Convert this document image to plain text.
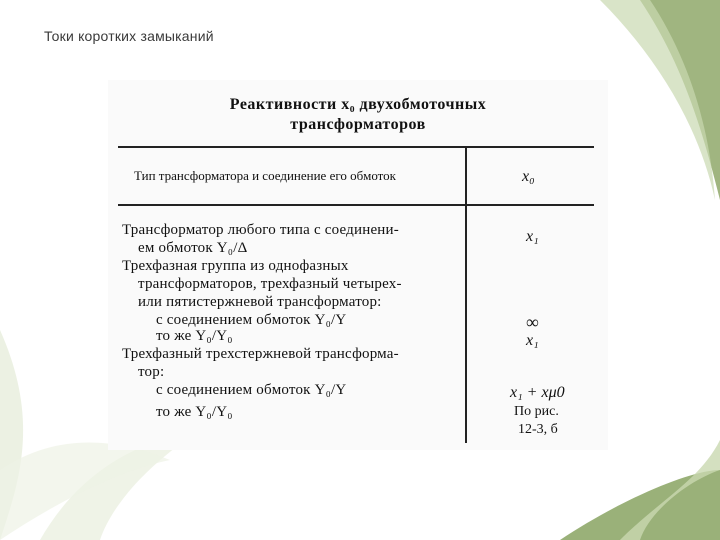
Токи коротких замыканий
Реактивности x₀ двухобмоточных
трансформаторов
Тип трансформатора и соединение его обмоток	x₀
Трансформатор любого типа с соединени-
ем обмоток Y₀/Δ
x₁
Трехфазная группа из однофазных
трансформаторов, трехфазный четырех-
или пятистержневой трансформатор:
с соединением обмоток Y₀/Y
то же Y₀/Y₀
∞
x₁
Трехфазный трехстержневой трансформа-
тор:
с соединением обмоток Y₀/Y
то же Y₀/Y₀
x₁ + xμ0
По рис.
12-3, б
